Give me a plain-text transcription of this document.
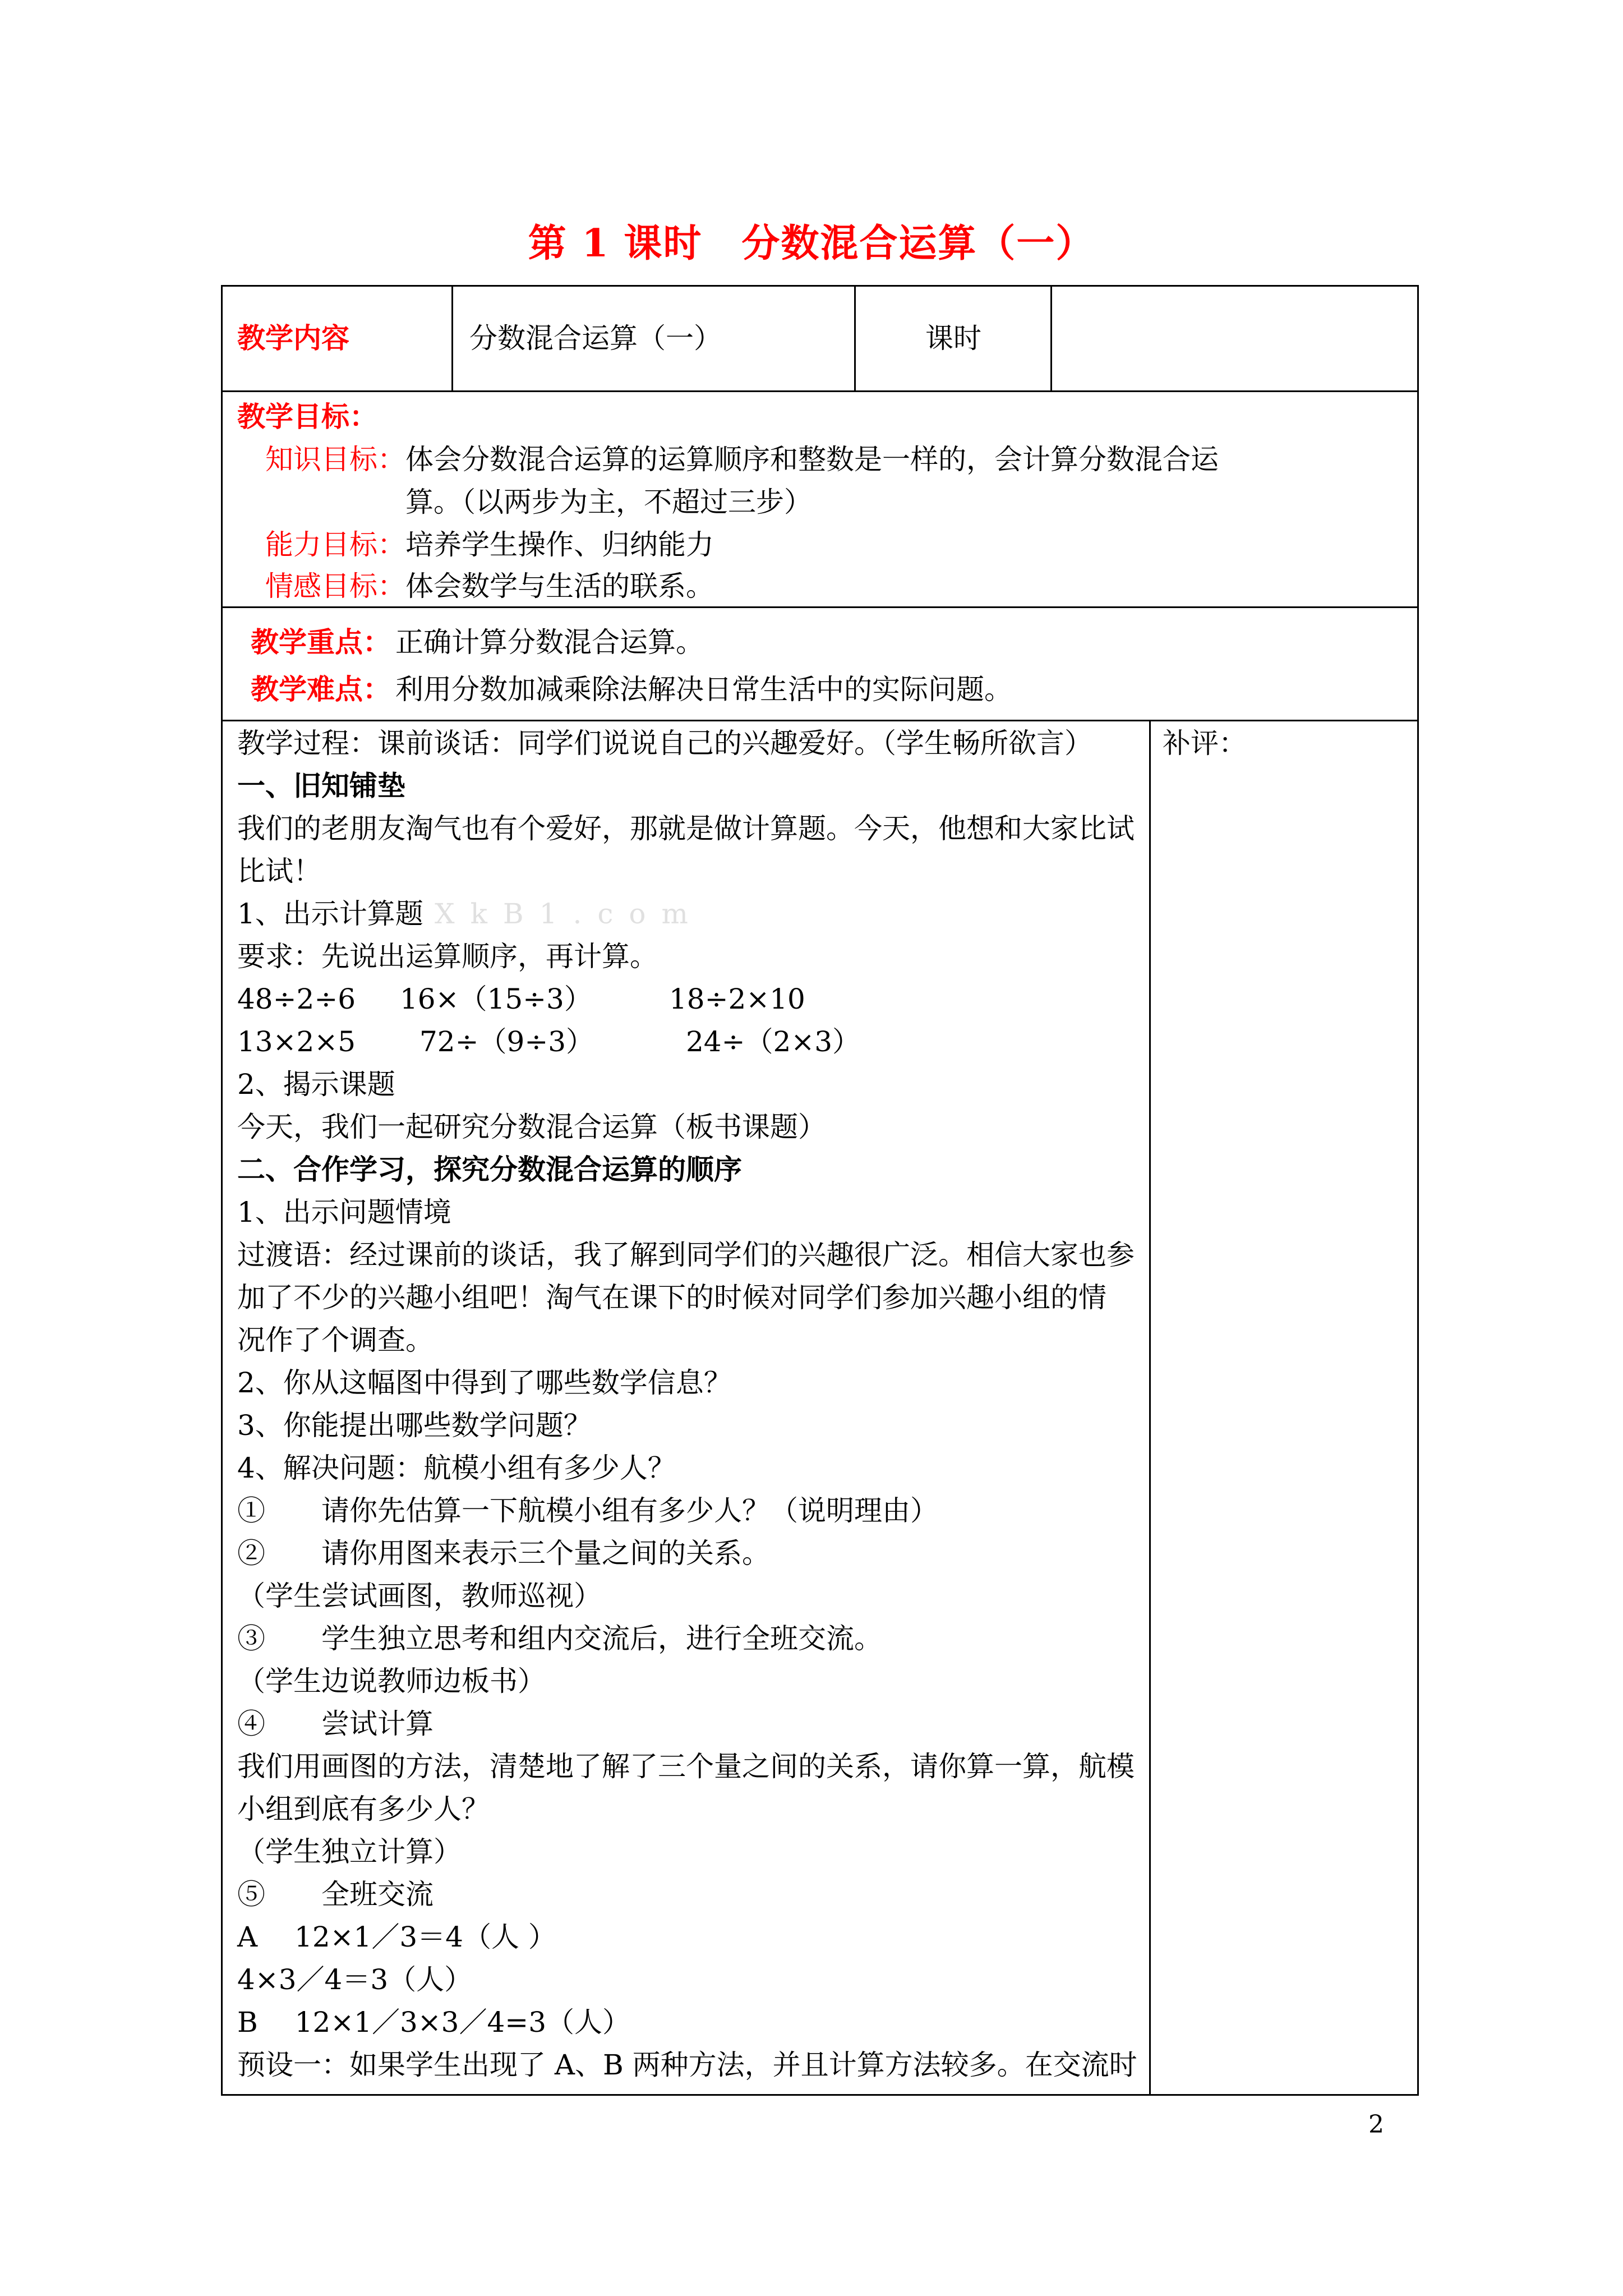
第 1 课时 分数混合运算（一）
教学内容	分数混合运算（一）	课时
教学目标：
知识目标： 体会分数混合运算的运算顺序和整数是一样的，会计算分数混合运
算。（以两步为主，不超过三步）
能力目标： 培养学生操作、归纳能力
情感目标： 体会数学与生活的联系。
教学重点： 正确计算分数混合运算。
教学难点： 利用分数加减乘除法解决日常生活中的实际问题。
教学过程：课前谈话：同学们说说自己的兴趣爱好。（学生畅所欲言）
一、旧知铺垫
我们的老朋友淘气也有个爱好，那就是做计算题。今天，他想和大家比试
比试！
1、出示计算题 XkB1.com
要求：先说出运算顺序，再计算。
48÷2÷6 16×（15÷3）	18÷2×10
13×2×5 72÷（9÷3）	24÷（2×3）
2、揭示课题
今天，我们一起研究分数混合运算（板书课题）
二、合作学习，探究分数混合运算的顺序
1、出示问题情境
过渡语：经过课前的谈话，我了解到同学们的兴趣很广泛。相信大家也参
加了不少的兴趣小组吧！淘气在课下的时候对同学们参加兴趣小组的情
况作了个调查。
2、你从这幅图中得到了哪些数学信息？
3、你能提出哪些数学问题？
4、解决问题：航模小组有多少人？
①　　请你先估算一下航模小组有多少人？（说明理由）
②　　请你用图来表示三个量之间的关系。
（学生尝试画图，教师巡视）
③　　学生独立思考和组内交流后，进行全班交流。
（学生边说教师边板书）
④　　尝试计算
我们用画图的方法，清楚地了解了三个量之间的关系，请你算一算，航模
小组到底有多少人？
（学生独立计算）
⑤　　全班交流
A　 12×1／3＝4（人 ）
4×3／4＝3（人）
B　 12×1／3×3／4=3（人）
预设一：如果学生出现了 A、B 两种方法，并且计算方法较多。在交流时
补评：
2
